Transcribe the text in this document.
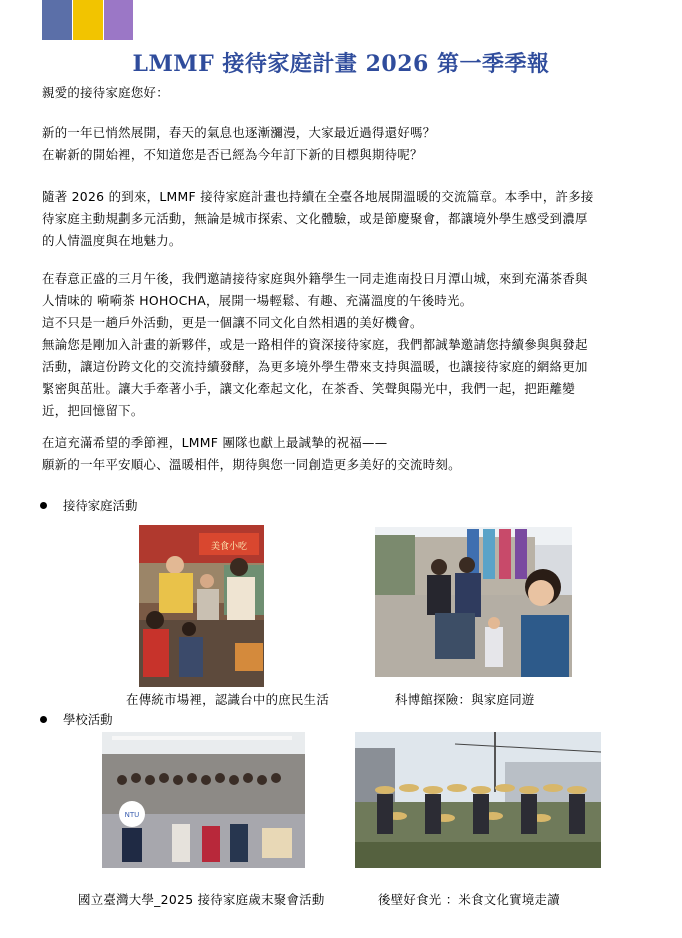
LMMF 接待家庭計畫 2026 第一季季報
親愛的接待家庭您好：
新的一年已悄然展開，春天的氣息也逐漸瀰漫，大家最近過得還好嗎？
在嶄新的開始裡，不知道您是否已經為今年訂下新的目標與期待呢？
隨著 2026 的到來，LMMF 接待家庭計畫也持續在全臺各地展開溫暖的交流篇章。本季中，許多接
待家庭主動規劃多元活動，無論是城市探索、文化體驗，或是節慶聚會，都讓境外學生感受到濃厚
的人情溫度與在地魅力。
在春意正盛的三月午後，我們邀請接待家庭與外籍學生一同走進南投日月潭山城，來到充滿茶香與
人情味的 嗬嗬茶 HOHOCHA，展開一場輕鬆、有趣、充滿溫度的午後時光。
這不只是一趟戶外活動，更是一個讓不同文化自然相遇的美好機會。
無論您是剛加入計畫的新夥伴，或是一路相伴的資深接待家庭，我們都誠摯邀請您持續參與與發起
活動，讓這份跨文化的交流持續發酵，為更多境外學生帶來支持與溫暖，也讓接待家庭的網絡更加
緊密與茁壯。讓大手牽著小手，讓文化牽起文化，在茶香、笑聲與陽光中，我們一起，把距離變
近，把回憶留下。
在這充滿希望的季節裡，LMMF 團隊也獻上最誠摯的祝福——
願新的一年平安順心、溫暖相伴，期待與您一同創造更多美好的交流時刻。
接待家庭活動
美食小吃
在傳統市場裡，認識台中的庶民生活	科博館探險：與家庭同遊
學校活動
NTU
國立臺灣大學_2025 接待家庭歲末聚會活動	後壁好食光 ：米食文化實境走讀
